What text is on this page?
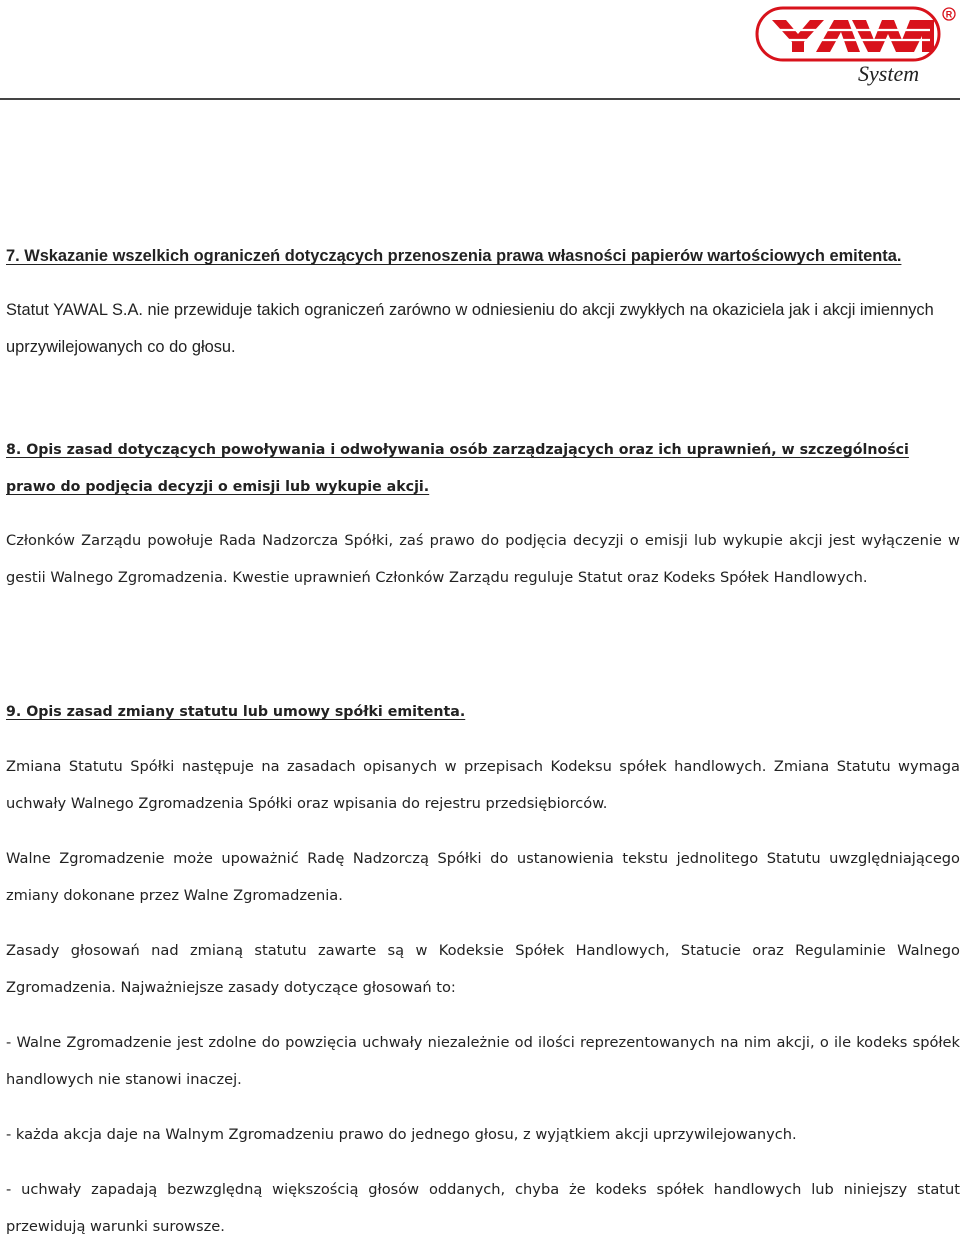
R
System

7. Wskazanie wszelkich ograniczeń dotyczących przenoszenia prawa własności papierów wartościowych emitenta.

Statut YAWAL S.A. nie przewiduje takich ograniczeń zarówno w odniesieniu do akcji zwykłych na okaziciela jak i akcji imiennych uprzywilejowanych co do głosu.

8. Opis zasad dotyczących powoływania i odwoływania osób zarządzających oraz ich uprawnień, w szczególności prawo do podjęcia decyzji o emisji lub wykupie akcji.

Członków Zarządu powołuje Rada Nadzorcza Spółki, zaś prawo do podjęcia decyzji o emisji lub wykupie akcji jest wyłączenie w gestii Walnego Zgromadzenia. Kwestie uprawnień Członków Zarządu reguluje Statut oraz Kodeks Spółek Handlowych.

9. Opis zasad zmiany statutu lub umowy spółki emitenta.

Zmiana Statutu Spółki następuje na zasadach opisanych w przepisach Kodeksu spółek handlowych. Zmiana Statutu wymaga uchwały Walnego Zgromadzenia Spółki oraz wpisania do rejestru przedsiębiorców.

Walne Zgromadzenie może upoważnić Radę Nadzorczą Spółki do ustanowienia tekstu jednolitego Statutu uwzględniającego zmiany dokonane przez Walne Zgromadzenia.

Zasady głosowań nad zmianą statutu zawarte są w Kodeksie Spółek Handlowych, Statucie oraz Regulaminie Walnego Zgromadzenia. Najważniejsze zasady dotyczące głosowań to:

- Walne Zgromadzenie jest zdolne do powzięcia uchwały niezależnie od ilości reprezentowanych na nim akcji, o ile kodeks spółek handlowych nie stanowi inaczej.

- każda akcja daje na Walnym Zgromadzeniu prawo do jednego głosu, z wyjątkiem akcji uprzywilejowanych.

- uchwały zapadają bezwzględną większością głosów oddanych, chyba że kodeks spółek handlowych lub niniejszy statut przewidują warunki surowsze.
